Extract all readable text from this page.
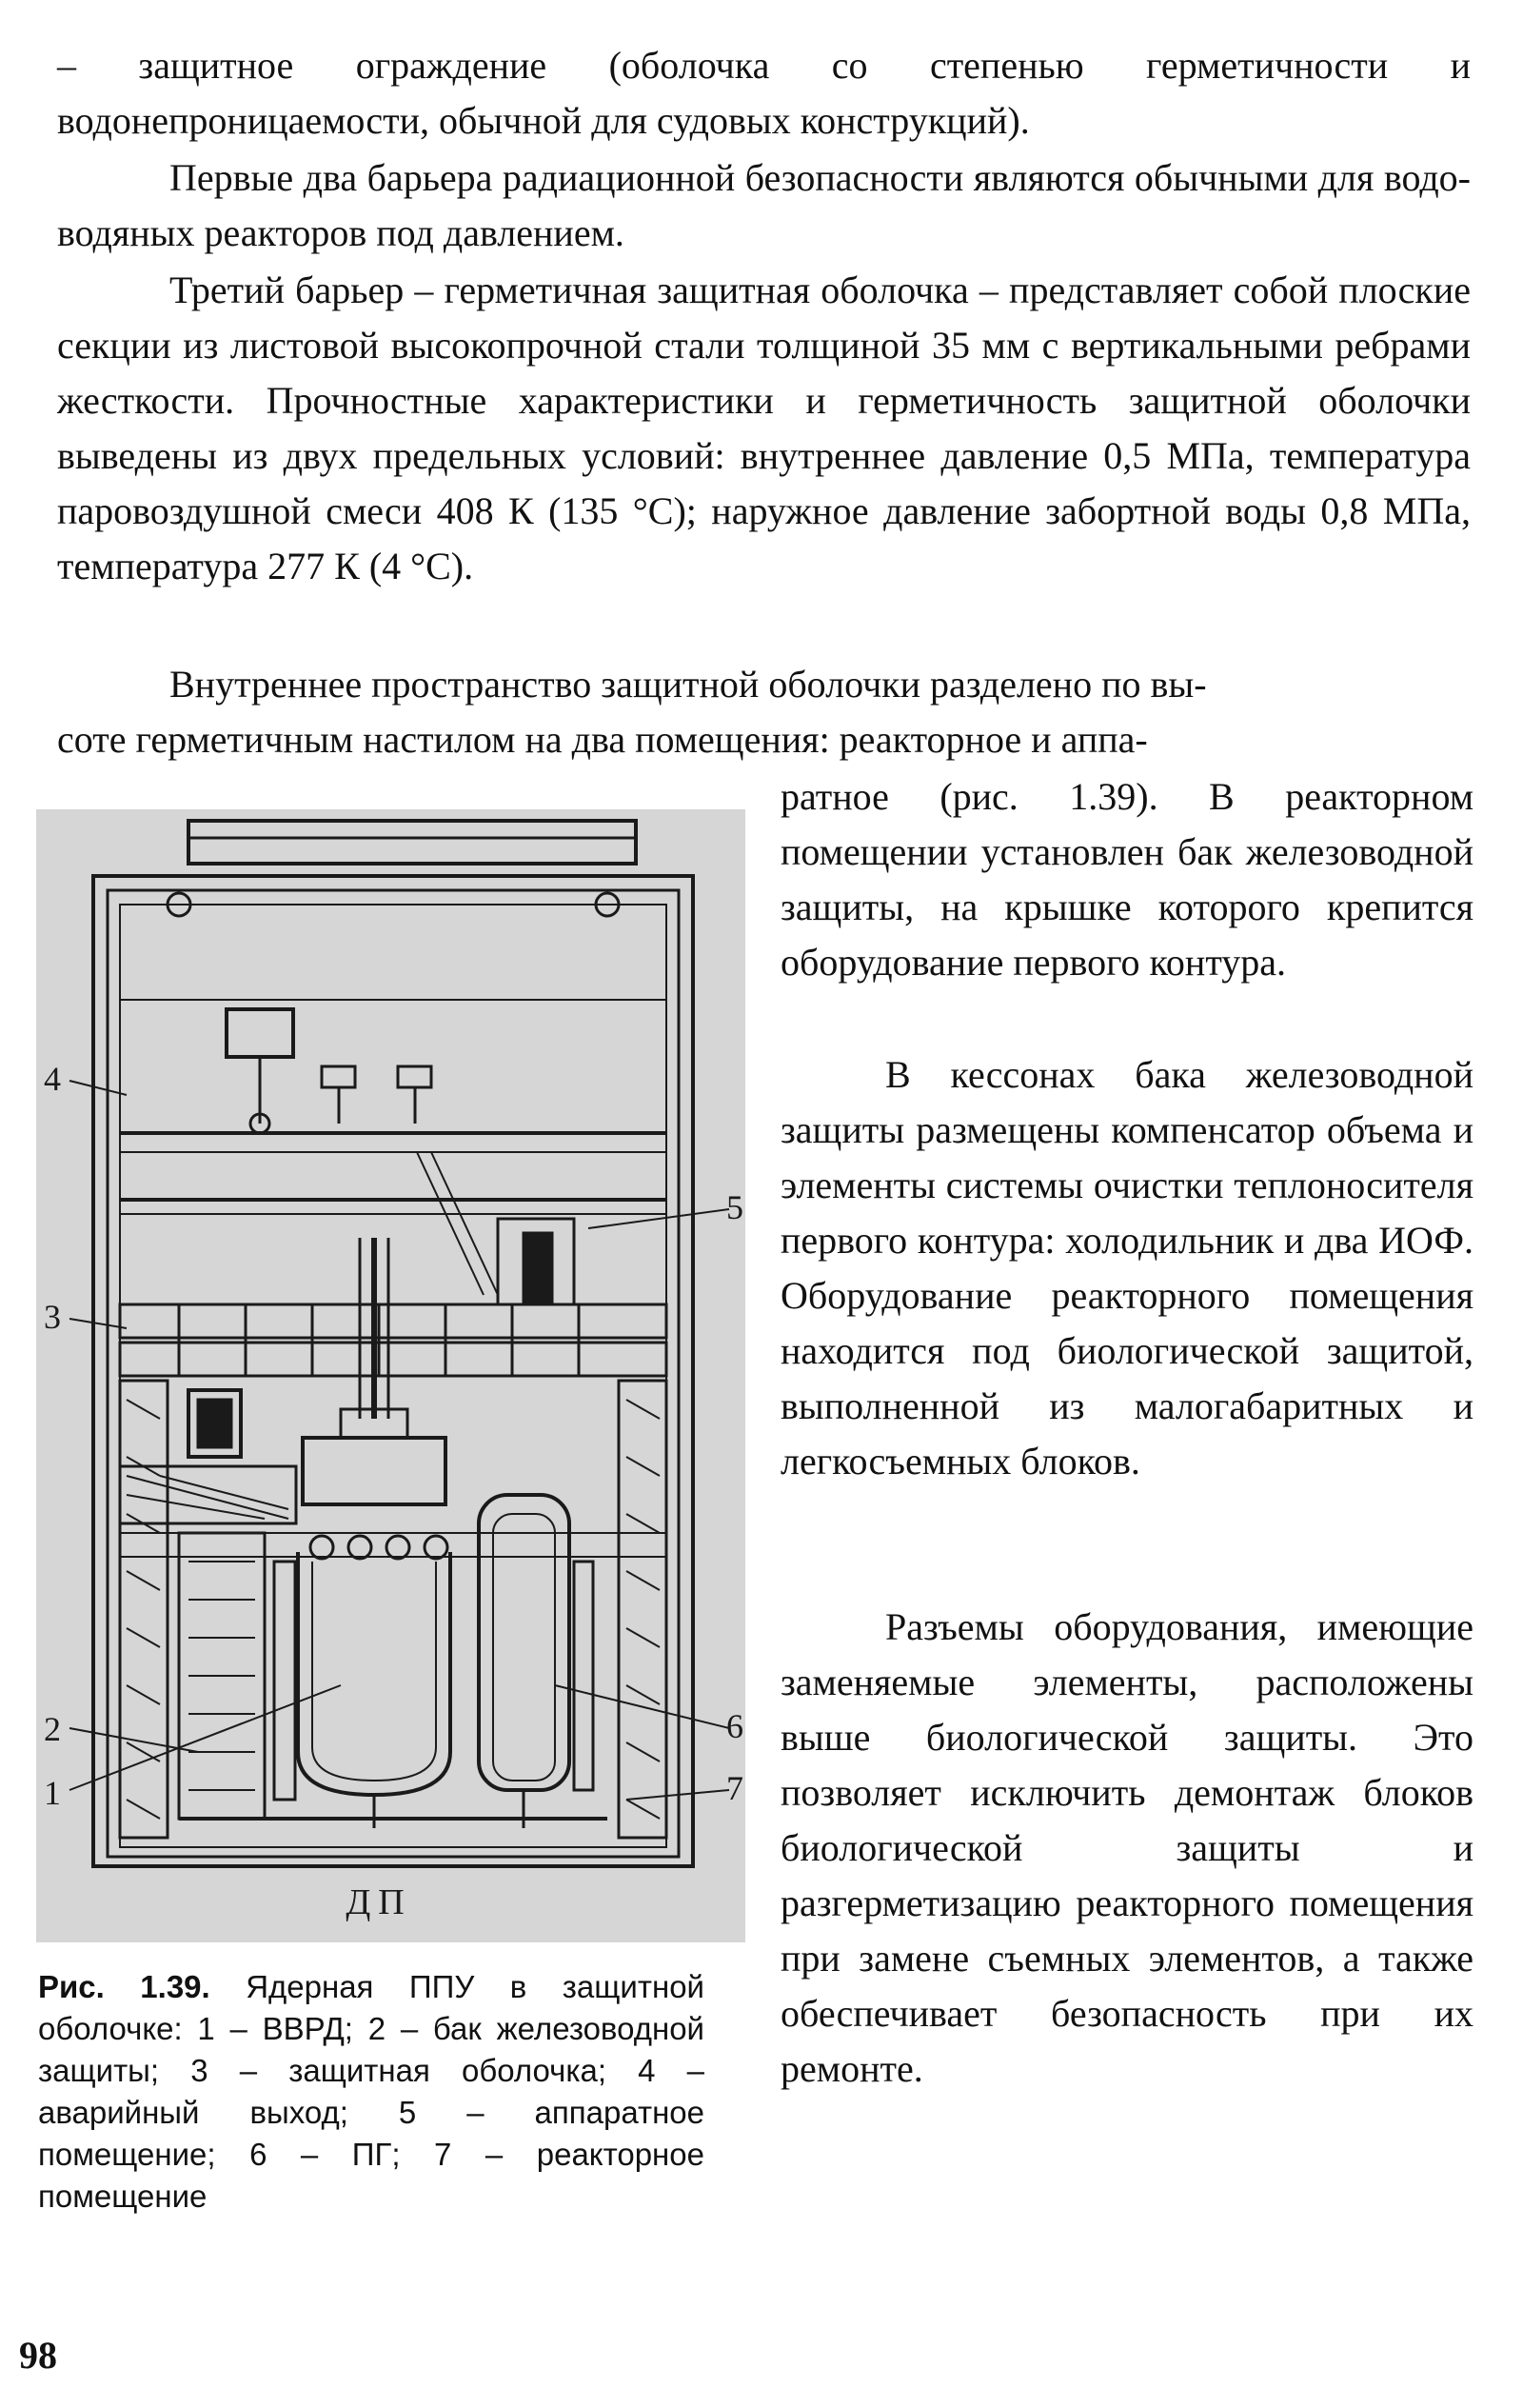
– защитное ограждение (оболочка со степенью герметичности и водонепроницаемости, обычной для судовых конструкций).

Первые два барьера радиационной безопасности являются обычными для водо-водяных реакторов под давлением.

Третий барьер – герметичная защитная оболочка – представляет собой плоские секции из листовой высокопрочной стали толщиной 35 мм с вертикальными ребрами жесткости. Прочностные характеристики и герметичность защитной оболочки выведены из двух предельных условий: внутреннее давление 0,5 МПа, температура паровоздушной смеси 408 К (135 °С); наружное давление забортной воды 0,8 МПа, температура 277 К (4 °С).

Внутреннее пространство защитной оболочки разделено по вы-
соте герметичным настилом на два помещения: реакторное и аппа-

ратное (рис. 1.39). В реакторном помещении установлен бак железоводной защиты, на крышке которого крепится оборудование первого контура.

В кессонах бака железоводной защиты размещены компенсатор объема и элементы системы очистки теплоносителя первого контура: холодильник и два ИОФ. Оборудование реакторного помещения находится под биологической защитой, выполненной из малогабаритных и легкосъемных блоков.

Разъемы оборудования, имеющие заменяемые элементы, расположены выше биологической защиты. Это позволяет исключить демонтаж блоков биологической защиты и разгерметизацию реакторного помещения при замене съемных элементов, а также обеспечивает безопасность при их ремонте.

1
2
3
4
5
6
7
ДП

Рис. 1.39. Ядерная ППУ в защитной оболочке: 1 – ВВРД; 2 – бак железоводной защиты; 3 – защитная оболочка; 4 – аварийный выход; 5 – аппаратное помещение; 6 – ПГ; 7 – реакторное помещение

98
